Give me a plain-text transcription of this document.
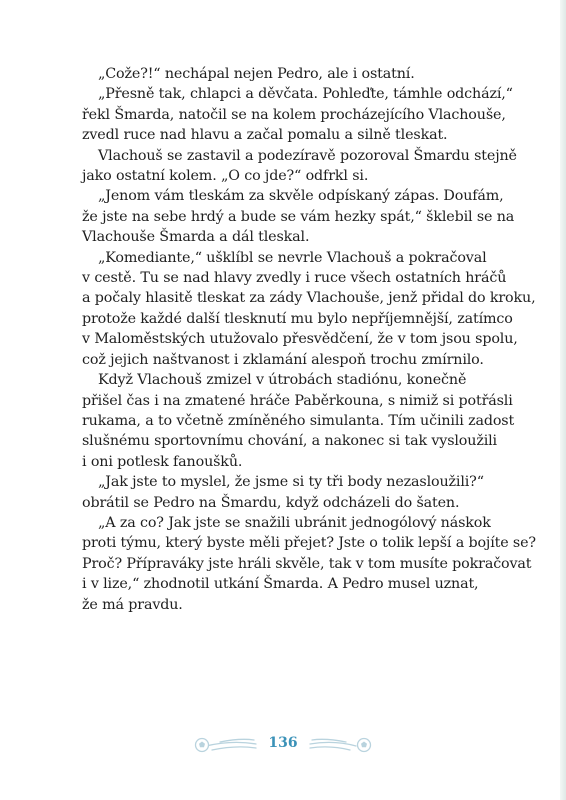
„Cože?!“ nechápal nejen Pedro, ale i ostatní.

„Přesně tak, chlapci a děvčata. Pohleďte, támhle odchází,“
řekl Šmarda, natočil se na kolem procházejícího Vlachouše,
zvedl ruce nad hlavu a začal pomalu a silně tleskat.

Vlachouš se zastavil a podezíravě pozoroval Šmardu stejně
jako ostatní kolem. „O co jde?“ odfrkl si.

„Jenom vám tleskám za skvěle odpískaný zápas. Doufám,
že jste na sebe hrdý a bude se vám hezky spát,“ šklebil se na
Vlachouše Šmarda a dál tleskal.

„Komediante,“ ušklíbl se nevrle Vlachouš a pokračoval
v cestě. Tu se nad hlavy zvedly i ruce všech ostatních hráčů
a počaly hlasitě tleskat za zády Vlachouše, jenž přidal do kroku,
protože každé další tlesknutí mu bylo nepříjemnější, zatímco
v Maloměstských utužovalo přesvědčení, že v tom jsou spolu,
což jejich naštvanost i zklamání alespoň trochu zmírnilo.

Když Vlachouš zmizel v útrobách stadiónu, konečně
přišel čas i na zmatené hráče Paběrkouna, s nimiž si potřásli
rukama, a to včetně zmíněného simulanta. Tím učinili zadost
slušnému sportovnímu chování, a nakonec si tak vysloužili
i oni potlesk fanoušků.

„Jak jste to myslel, že jsme si ty tři body nezasloužili?“
obrátil se Pedro na Šmardu, když odcházeli do šaten.

„A za co? Jak jste se snažili ubránit jednogólový náskok
proti týmu, který byste měli přejet? Jste o tolik lepší a bojíte se?
Proč? Přípraváky jste hráli skvěle, tak v tom musíte pokračovat
i v lize,“ zhodnotil utkání Šmarda. A Pedro musel uznat,
že má pravdu.

136
